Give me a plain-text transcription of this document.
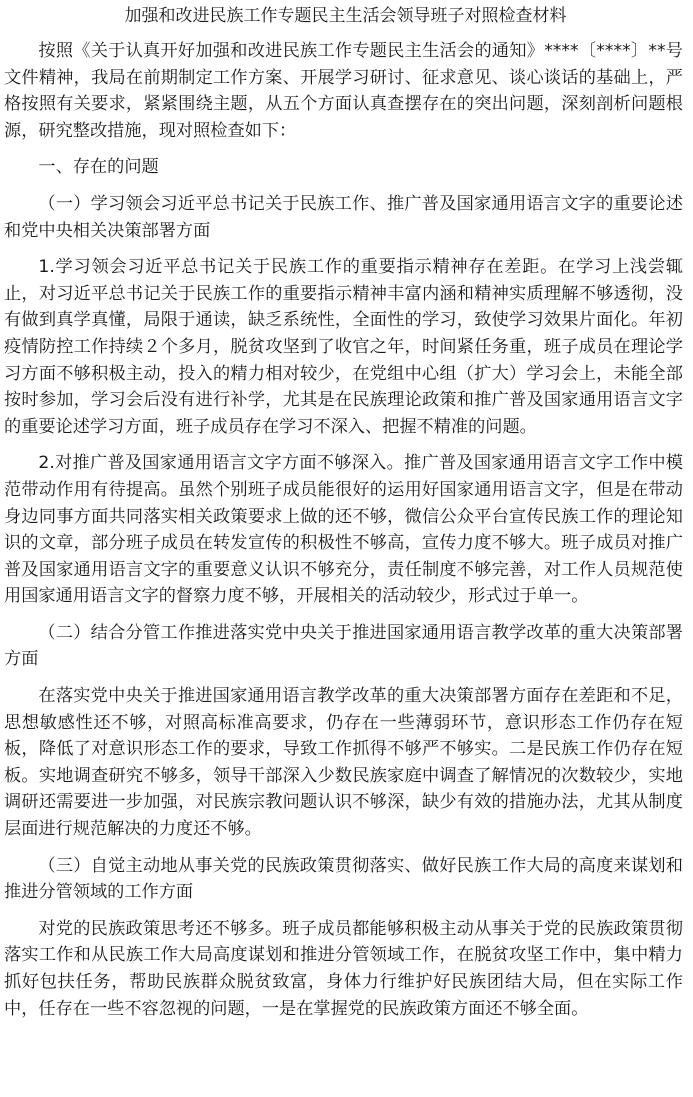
加强和改进民族工作专题民主生活会领导班子对照检查材料

按照《关于认真开好加强和改进民族工作专题民主生活会的通知》****〔****〕**号文件精神，我局在前期制定工作方案、开展学习研讨、征求意见、谈心谈话的基础上，严格按照有关要求，紧紧围绕主题，从五个方面认真查摆存在的突出问题，深刻剖析问题根源，研究整改措施，现对照检查如下：

一、存在的问题

（一）学习领会习近平总书记关于民族工作、推广普及国家通用语言文字的重要论述和党中央相关决策部署方面

1.学习领会习近平总书记关于民族工作的重要指示精神存在差距。在学习上浅尝辄止，对习近平总书记关于民族工作的重要指示精神丰富内涵和精神实质理解不够透彻，没有做到真学真懂，局限于通读，缺乏系统性，全面性的学习，致使学习效果片面化。年初疫情防控工作持续２个多月，脱贫攻坚到了收官之年，时间紧任务重，班子成员在理论学习方面不够积极主动，投入的精力相对较少，在党组中心组（扩大）学习会上，未能全部按时参加，学习会后没有进行补学，尤其是在民族理论政策和推广普及国家通用语言文字的重要论述学习方面，班子成员存在学习不深入、把握不精准的问题。

2.对推广普及国家通用语言文字方面不够深入。推广普及国家通用语言文字工作中模范带动作用有待提高。虽然个别班子成员能很好的运用好国家通用语言文字，但是在带动身边同事方面共同落实相关政策要求上做的还不够，微信公众平台宣传民族工作的理论知识的文章，部分班子成员在转发宣传的积极性不够高，宣传力度不够大。班子成员对推广普及国家通用语言文字的重要意义认识不够充分，责任制度不够完善，对工作人员规范使用国家通用语言文字的督察力度不够，开展相关的活动较少，形式过于单一。

（二）结合分管工作推进落实党中央关于推进国家通用语言教学改革的重大决策部署方面

在落实党中央关于推进国家通用语言教学改革的重大决策部署方面存在差距和不足，思想敏感性还不够，对照高标准高要求，仍存在一些薄弱环节，意识形态工作仍存在短板，降低了对意识形态工作的要求，导致工作抓得不够严不够实。二是民族工作仍存在短板。实地调查研究不够多，领导干部深入少数民族家庭中调查了解情况的次数较少，实地调研还需要进一步加强，对民族宗教问题认识不够深，缺少有效的措施办法，尤其从制度层面进行规范解决的力度还不够。

（三）自觉主动地从事关党的民族政策贯彻落实、做好民族工作大局的高度来谋划和推进分管领域的工作方面

对党的民族政策思考还不够多。班子成员都能够积极主动从事关于党的民族政策贯彻落实工作和从民族工作大局高度谋划和推进分管领域工作，在脱贫攻坚工作中，集中精力抓好包扶任务，帮助民族群众脱贫致富，身体力行维护好民族团结大局，但在实际工作中，任存在一些不容忽视的问题，一是在掌握党的民族政策方面还不够全面。
